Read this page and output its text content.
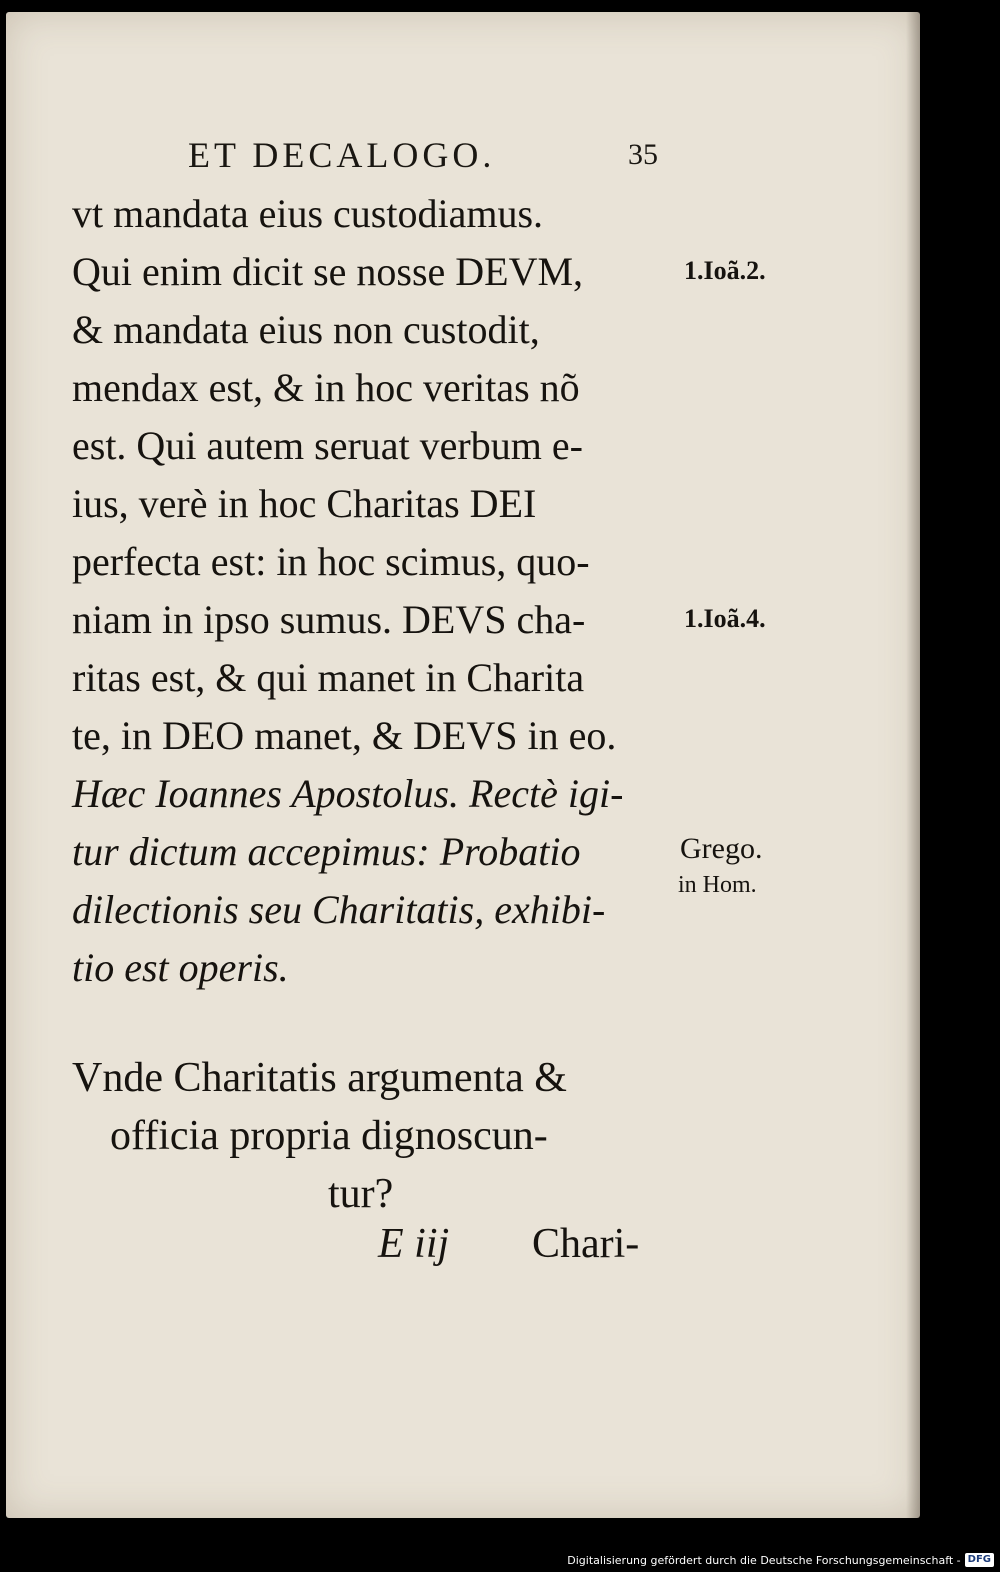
ET DECALOGO.	35
vt mandata eius custodiamus.
Qui enim dicit se nosse DEVM,
& mandata eius non custodit,
mendax est, & in hoc veritas nõ
est. Qui autem seruat verbum e-
ius, verè in hoc Charitas DEI
perfecta est: in hoc scimus, quo-
niam in ipso sumus. DEVS cha-
ritas est, & qui manet in Charita
te, in DEO manet, & DEVS in eo.
Hæc Ioannes Apostolus. Rectè igi-
tur dictum accepimus: Probatio
dilectionis seu Charitatis, exhibi-
tio est operis.
1.Ioã.2.
1.Ioã.4.
Grego.
in Hom.
Vnde Charitatis argumenta &
officia propria dignoscun-
tur?
E iij Chari-
Digitalisierung gefördert durch die Deutsche Forschungsgemeinschaft - DFG
